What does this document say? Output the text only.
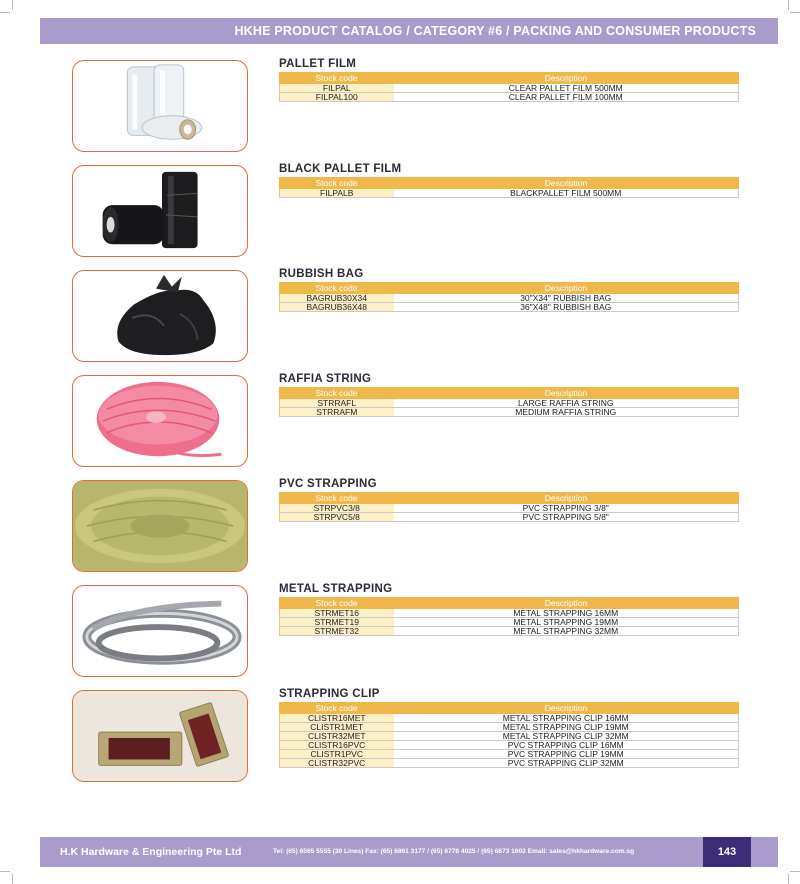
HKHE PRODUCT CATALOG / CATEGORY #6 / PACKING AND CONSUMER PRODUCTS
PALLET FILM
Stock code	Description
FILPAL	CLEAR PALLET FILM 500MM
FILPAL100	CLEAR PALLET FILM 100MM
BLACK PALLET FILM
Stock code	Description
FILPALB	BLACKPALLET FILM 500MM
RUBBISH BAG
Stock code	Description
BAGRUB30X34	30"X34" RUBBISH BAG
BAGRUB36X48	36"X48" RUBBISH BAG
RAFFIA STRING
Stock code	Description
STRRAFL	LARGE RAFFIA STRING
STRRAFM	MEDIUM RAFFIA STRING
PVC STRAPPING
Stock code	Description
STRPVC3/8	PVC STRAPPING 3/8"
STRPVC5/8	PVC STRAPPING 5/8"
METAL STRAPPING
Stock code	Description
STRMET16	METAL STRAPPING 16MM
STRMET19	METAL STRAPPING 19MM
STRMET32	METAL STRAPPING 32MM
STRAPPING CLIP
Stock code	Description
CLISTR16MET	METAL STRAPPING CLIP 16MM
CLISTR1MET	METAL STRAPPING CLIP 19MM
CLISTR32MET	METAL STRAPPING CLIP 32MM
CLISTR16PVC	PVC STRAPPING CLIP 16MM
CLISTR1PVC	PVC STRAPPING CLIP 19MM
CLISTR32PVC	PVC STRAPPING CLIP 32MM
H.K Hardware & Engineering Pte Ltd	Tel: (65) 6565 5555 (30 Lines) Fax: (65) 6861 3177 / (65) 6778 4025 / (65) 6873 1602 Email: sales@hkhardware.com.sg	143
